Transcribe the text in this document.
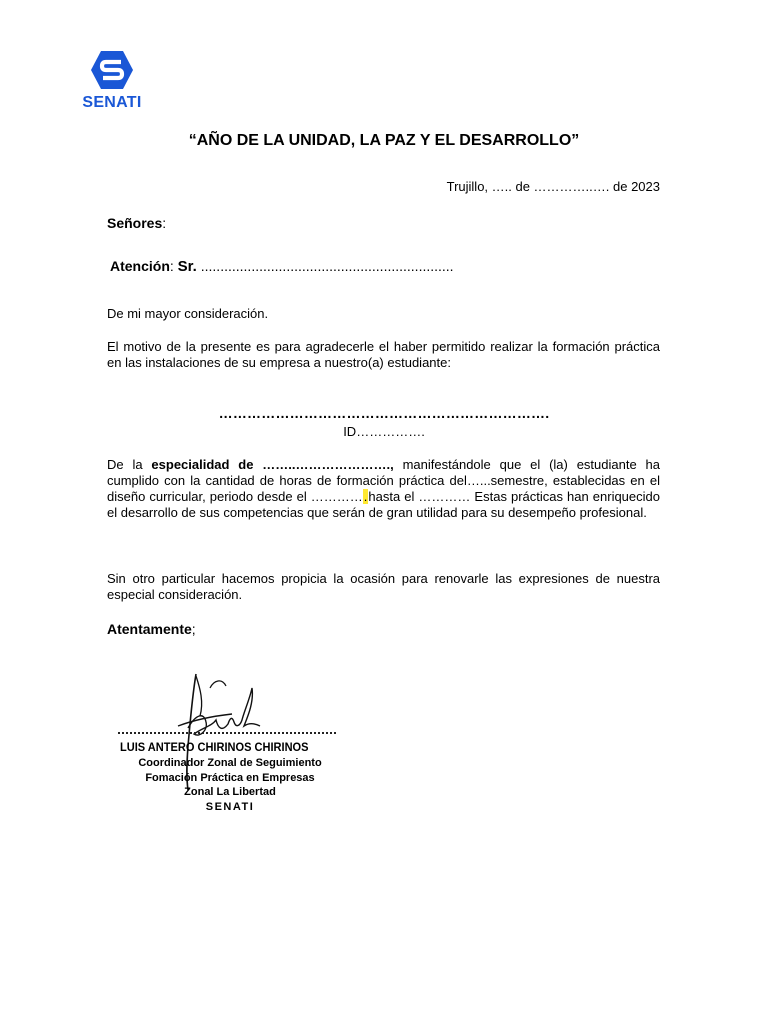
SENATI
“AÑO DE LA UNIDAD, LA PAZ Y EL DESARROLLO”
Trujillo, ….. de …………..…. de 2023
Señores:
Atención: Sr. .................................................................
De mi mayor consideración.
El motivo de la presente es para agradecerle el haber permitido realizar la formación práctica en las instalaciones de su empresa a nuestro(a) estudiante:
…………………………………………………………….
ID…………….
De la especialidad de ……..…………………., manifestándole que el (la) estudiante ha cumplido con la cantidad de horas de formación práctica del…...semestre, establecidas en el diseño curricular, periodo desde el ………….hasta el ………… Estas prácticas han enriquecido el desarrollo de sus competencias que serán de gran utilidad para su desempeño profesional.
Sin otro particular hacemos propicia la ocasión para renovarle las expresiones de nuestra especial consideración.
Atentamente;
LUIS ANTERO CHIRINOS CHIRINOS
Coordinador Zonal de Seguimiento
Fomación Práctica en Empresas
Zonal La Libertad
SENATI
